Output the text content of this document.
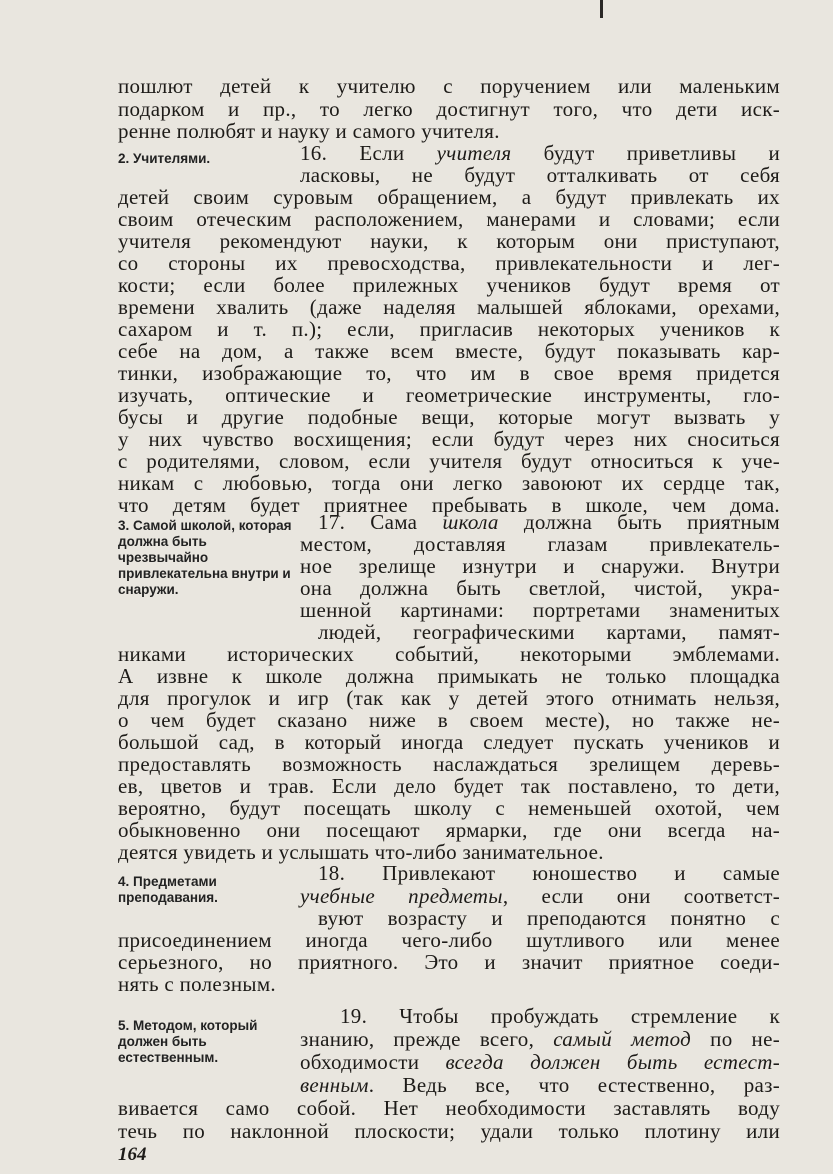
пошлют детей к учителю с поручением или маленьким
подарком и пр., то легко достигнут того, что дети иск-
ренне полюбят и науку и самого учителя.
2. Учителями.	16. Если учителя будут приветливы и
ласковы, не будут отталкивать от себя
детей своим суровым обращением, а будут привлекать их
своим отеческим расположением, манерами и словами; если
учителя рекомендуют науки, к которым они приступают,
со стороны их превосходства, привлекательности и лег-
кости; если более прилежных учеников будут время от
времени хвалить (даже наделяя малышей яблоками, орехами,
сахаром и т. п.); если, пригласив некоторых учеников к
себе на дом, а также всем вместе, будут показывать кар-
тинки, изображающие то, что им в свое время придется
изучать, оптические и геометрические инструменты, гло-
бусы и другие подобные вещи, которые могут вызвать у
у них чувство восхищения; если будут через них сноситься
с родителями, словом, если учителя будут относиться к уче-
никам с любовью, тогда они легко завоюют их сердце так,
что детям будет приятнее пребывать в школе, чем дома.
3. Самой школой, которая должна быть чрезвычайно привлекательна внутри и снаружи.
17. Сама школа должна быть приятным
местом, доставляя глазам привлекатель-
ное зрелище изнутри и снаружи. Внутри
она должна быть светлой, чистой, укра-
шенной картинами: портретами знаменитых
людей, географическими картами, памят-
никами исторических событий, некоторыми эмблемами.
А извне к школе должна примыкать не только площадка
для прогулок и игр (так как у детей этого отнимать нельзя,
о чем будет сказано ниже в своем месте), но также не-
большой сад, в который иногда следует пускать учеников и
предоставлять возможность наслаждаться зрелищем деревь-
ев, цветов и трав. Если дело будет так поставлено, то дети,
вероятно, будут посещать школу с неменьшей охотой, чем
обыкновенно они посещают ярмарки, где они всегда на-
деятся увидеть и услышать что-либо занимательное.
4. Предметами преподавания.
18. Привлекают юношество и самые
учебные предметы, если они соответст-
вуют возрасту и преподаются понятно с
присоединением иногда чего-либо шутливого или менее
серьезного, но приятного. Это и значит приятное соеди-
нять с полезным.
5. Методом, который должен быть естественным.
19. Чтобы пробуждать стремление к
знанию, прежде всего, самый метод по не-
обходимости всегда должен быть естест-
венным. Ведь все, что естественно, раз-
вивается само собой. Нет необходимости заставлять воду
течь по наклонной плоскости; удали только плотину или
164
